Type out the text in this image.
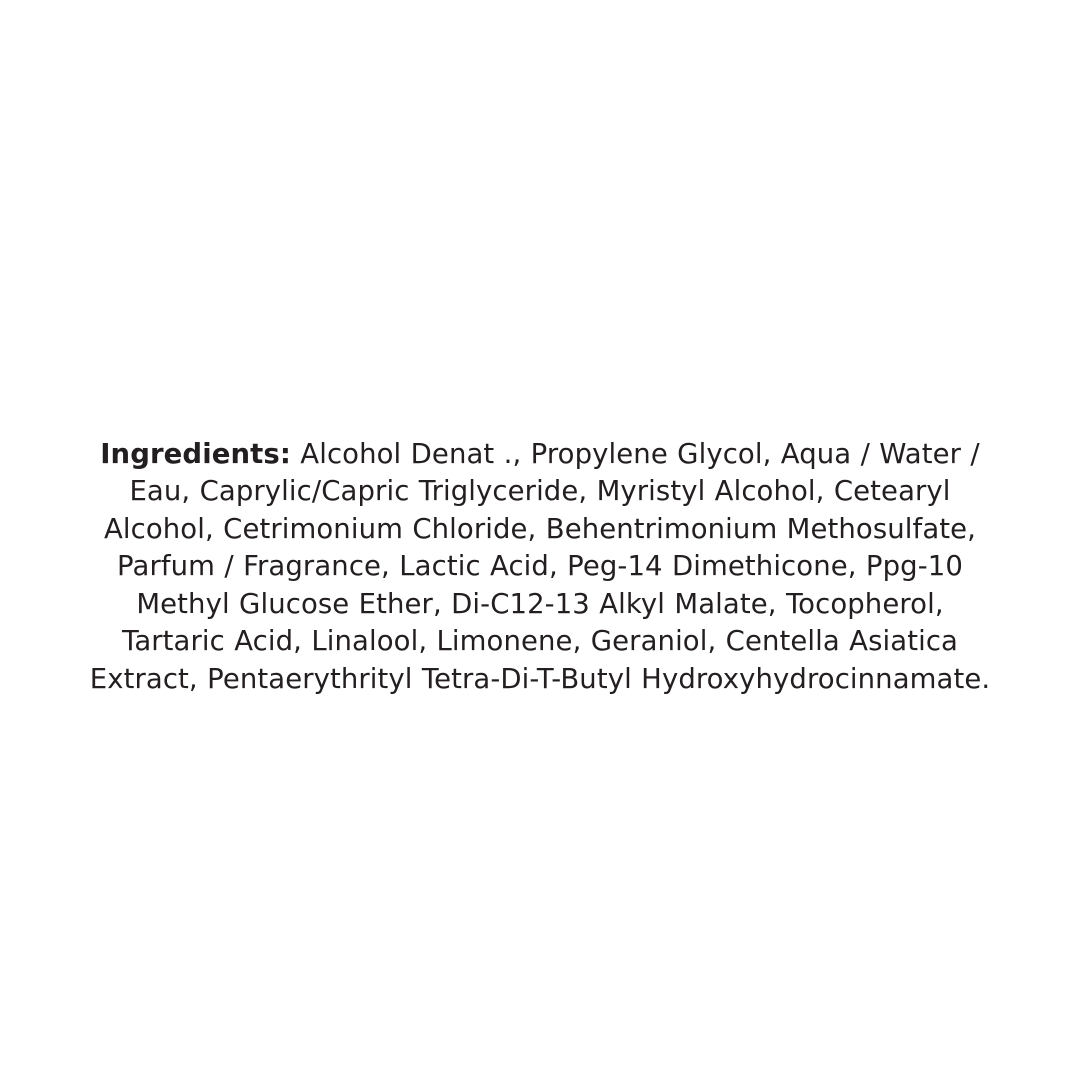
Ingredients: Alcohol Denat ., Propylene Glycol, Aqua / Water / Eau, Caprylic/Capric Triglyceride, Myristyl Alcohol, Cetearyl Alcohol, Cetrimonium Chloride, Behentrimonium Methosulfate, Parfum / Fragrance, Lactic Acid, Peg-14 Dimethicone, Ppg-10 Methyl Glucose Ether, Di-C12-13 Alkyl Malate, Tocopherol, Tartaric Acid, Linalool, Limonene, Geraniol, Centella Asiatica Extract, Pentaerythrityl Tetra-Di-T-Butyl Hydroxyhydrocinnamate.
